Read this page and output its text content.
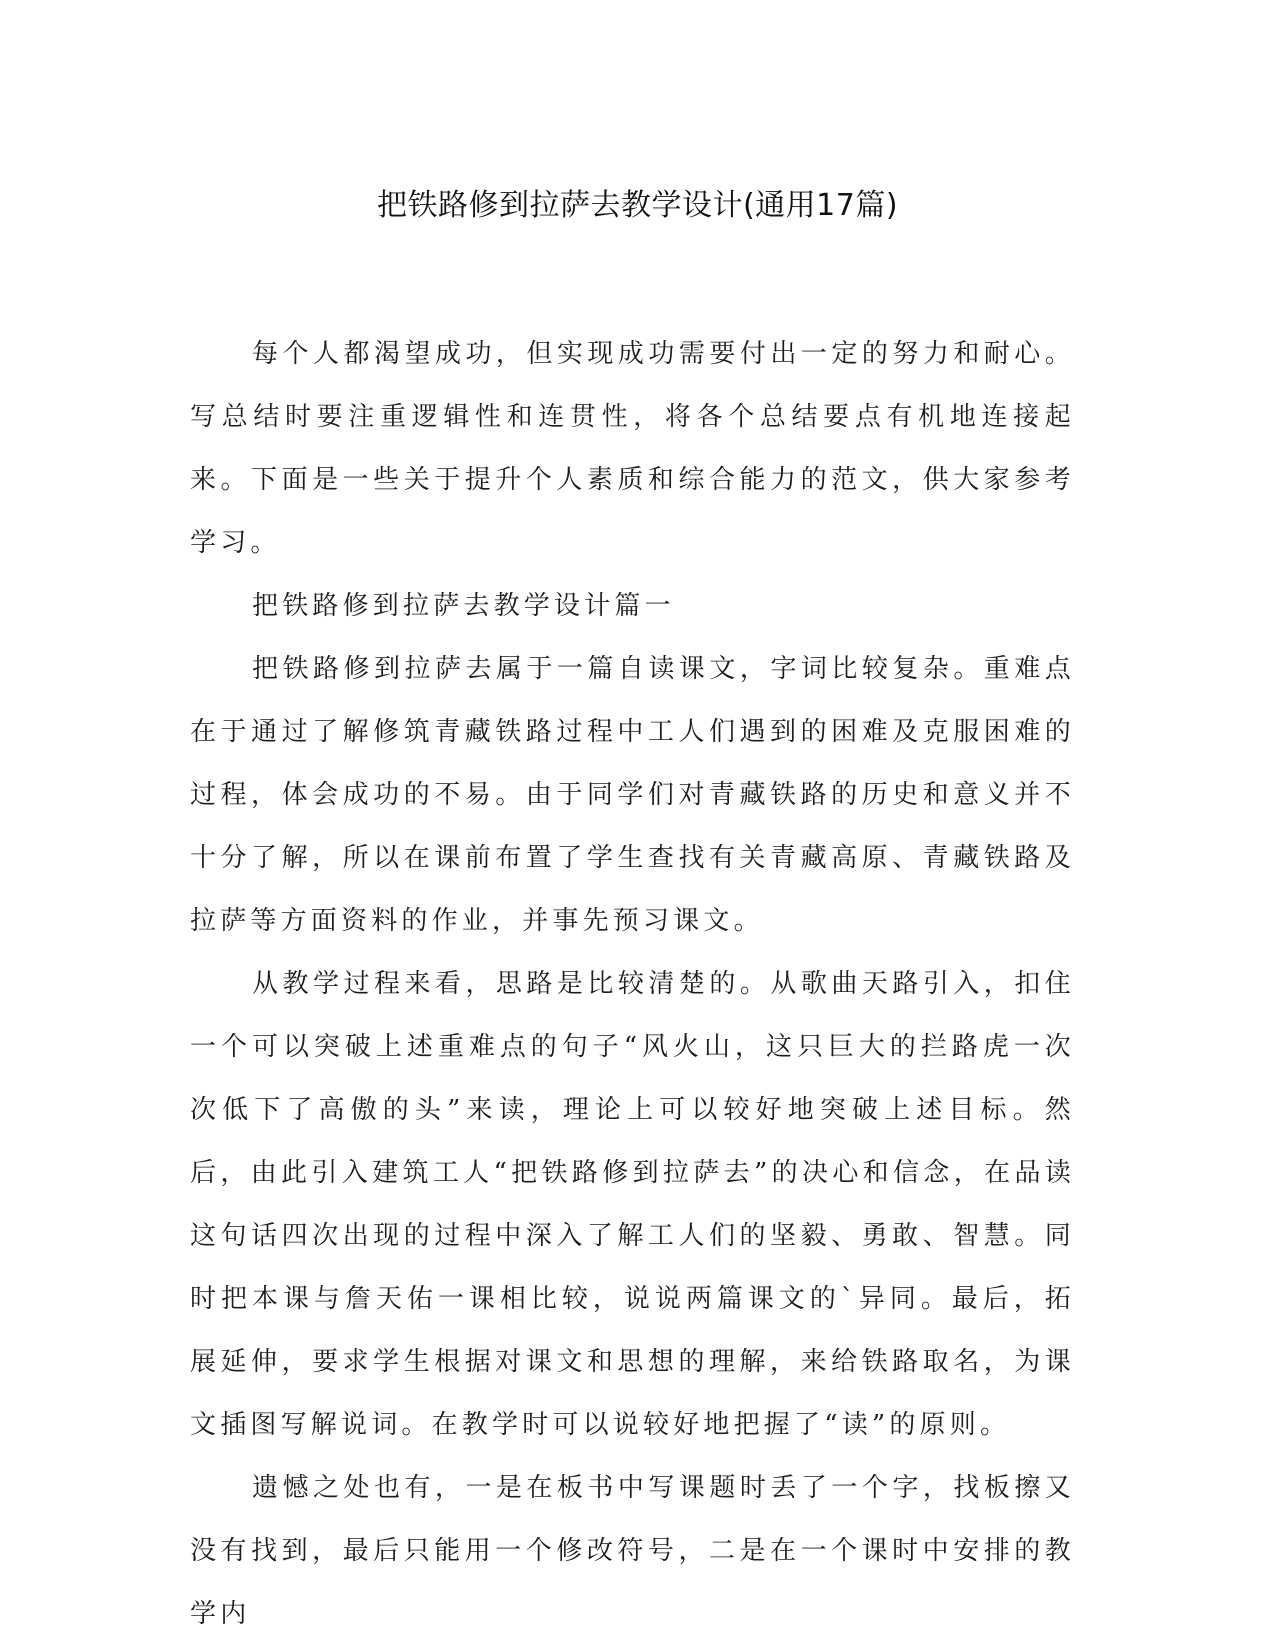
把铁路修到拉萨去教学设计(通用17篇)

每个人都渴望成功，但实现成功需要付出一定的努力和耐心。写总结时要注重逻辑性和连贯性，将各个总结要点有机地连接起来。下面是一些关于提升个人素质和综合能力的范文，供大家参考学习。

把铁路修到拉萨去教学设计篇一

把铁路修到拉萨去属于一篇自读课文，字词比较复杂。重难点在于通过了解修筑青藏铁路过程中工人们遇到的困难及克服困难的过程，体会成功的不易。由于同学们对青藏铁路的历史和意义并不十分了解，所以在课前布置了学生查找有关青藏高原、青藏铁路及拉萨等方面资料的作业，并事先预习课文。

从教学过程来看，思路是比较清楚的。从歌曲天路引入，扣住一个可以突破上述重难点的句子“风火山，这只巨大的拦路虎一次次低下了高傲的头”来读，理论上可以较好地突破上述目标。然后，由此引入建筑工人“把铁路修到拉萨去”的决心和信念，在品读这句话四次出现的过程中深入了解工人们的坚毅、勇敢、智慧。同时把本课与詹天佑一课相比较，说说两篇课文的`异同。最后，拓展延伸，要求学生根据对课文和思想的理解，来给铁路取名，为课文插图写解说词。在教学时可以说较好地把握了“读”的原则。

遗憾之处也有，一是在板书中写课题时丢了一个字，找板擦又没有找到，最后只能用一个修改符号，二是在一个课时中安排的教学内
